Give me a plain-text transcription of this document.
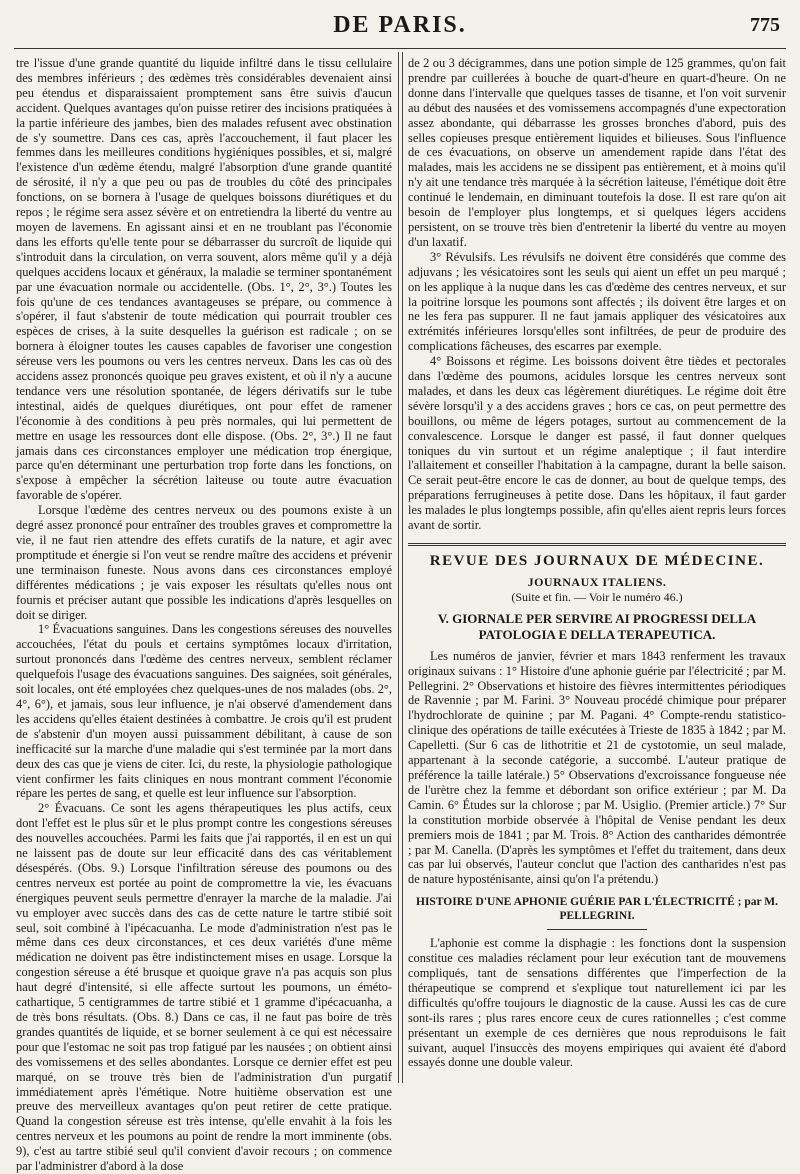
DE PARIS.	775

tre l'issue d'une grande quantité du liquide infiltré dans le tissu cellulaire des membres inférieurs ; des œdèmes très considérables devenaient ainsi peu étendus et disparaissaient promptement sans être suivis d'aucun accident. Quelques avantages qu'on puisse retirer des incisions pratiquées à la partie inférieure des jambes, bien des malades refusent avec obstination de s'y soumettre. Dans ces cas, après l'accouchement, il faut placer les femmes dans les meilleures conditions hygiéniques possibles, et si, malgré l'existence d'un œdème étendu, malgré l'absorption d'une grande quantité de sérosité, il n'y a que peu ou pas de troubles du côté des principales fonctions, on se bornera à l'usage de quelques boissons diurétiques et du repos ; le régime sera assez sévère et on entretiendra la liberté du ventre au moyen de lavemens. En agissant ainsi et en ne troublant pas l'économie dans les efforts qu'elle tente pour se débarrasser du surcroît de liquide qui s'introduit dans la circulation, on verra souvent, alors même qu'il y a déjà quelques accidens locaux et généraux, la maladie se terminer spontanément par une évacuation normale ou accidentelle. (Obs. 1°, 2°, 3°.) Toutes les fois qu'une de ces tendances avantageuses se prépare, ou commence à s'opérer, il faut s'abstenir de toute médication qui pourrait troubler ces espèces de crises, à la suite desquelles la guérison est radicale ; on se bornera à éloigner toutes les causes capables de favoriser une congestion séreuse vers les poumons ou vers les centres nerveux. Dans les cas où des accidens assez prononcés quoique peu graves existent, et où il n'y a aucune tendance vers une résolution spontanée, de légers dérivatifs sur le tube intestinal, aidés de quelques diurétiques, ont pour effet de ramener l'économie à des conditions à peu près normales, qui lui permettent de mettre en usage les ressources dont elle dispose. (Obs. 2°, 3°.) Il ne faut jamais dans ces circonstances employer une médication trop énergique, parce qu'en déterminant une perturbation trop forte dans les fonctions, on s'expose à empêcher la sécrétion laiteuse ou toute autre évacuation favorable de s'opérer.

Lorsque l'œdème des centres nerveux ou des poumons existe à un degré assez prononcé pour entraîner des troubles graves et compromettre la vie, il ne faut rien attendre des effets curatifs de la nature, et agir avec promptitude et énergie si l'on veut se rendre maître des accidens et prévenir une terminaison funeste. Nous avons dans ces circonstances employé différentes médications ; je vais exposer les résultats qu'elles nous ont fournis et préciser autant que possible les indications d'après lesquelles on doit se diriger.

1° Évacuations sanguines. Dans les congestions séreuses des nouvelles accouchées, l'état du pouls et certains symptômes locaux d'irritation, surtout prononcés dans l'œdème des centres nerveux, semblent réclamer quelquefois l'usage des évacuations sanguines. Des saignées, soit générales, soit locales, ont été employées chez quelques-unes de nos malades (obs. 2°, 4°, 6°), et jamais, sous leur influence, je n'ai observé d'amendement dans les accidens qu'elles étaient destinées à combattre. Je crois qu'il est prudent de s'abstenir d'un moyen aussi puissamment débilitant, à cause de son inefficacité sur la marche d'une maladie qui s'est terminée par la mort dans deux des cas que je viens de citer. Ici, du reste, la physiologie pathologique vient confirmer les faits cliniques en nous montrant comment l'économie répare les pertes de sang, et quelle est leur influence sur l'absorption.

2° Évacuans. Ce sont les agens thérapeutiques les plus actifs, ceux dont l'effet est le plus sûr et le plus prompt contre les congestions séreuses des nouvelles accouchées. Parmi les faits que j'ai rapportés, il en est un qui ne laissent pas de doute sur leur efficacité dans des cas véritablement désespérés. (Obs. 9.) Lorsque l'infiltration séreuse des poumons ou des centres nerveux est portée au point de compromettre la vie, les évacuans énergiques peuvent seuls permettre d'enrayer la marche de la maladie. J'ai vu employer avec succès dans des cas de cette nature le tartre stibié soit seul, soit combiné à l'ipécacuanha. Le mode d'administration n'est pas le même dans ces deux circonstances, et ces deux variétés d'une même médication ne doivent pas être indistinctement mises en usage. Lorsque la congestion séreuse a été brusque et quoique grave n'a pas acquis son plus haut degré d'intensité, si elle affecte surtout les poumons, un éméto-cathartique, 5 centigrammes de tartre stibié et 1 gramme d'ipécacuanha, a de très bons résultats. (Obs. 8.) Dans ce cas, il ne faut pas boire de très grandes quantités de liquide, et se borner seulement à ce qui est nécessaire pour que l'estomac ne soit pas trop fatigué par les nausées ; on obtient ainsi des vomissemens et des selles abondantes. Lorsque ce dernier effet est peu marqué, on se trouve très bien de l'administration d'un purgatif immédiatement après l'émétique. Notre huitième observation est une preuve des merveilleux avantages qu'on peut retirer de cette pratique. Quand la congestion séreuse est très intense, qu'elle envahit à la fois les centres nerveux et les poumons au point de rendre la mort imminente (obs. 9), c'est au tartre stibié seul qu'il convient d'avoir recours ; on commence par l'administrer d'abord à la dose

de 2 ou 3 décigrammes, dans une potion simple de 125 grammes, qu'on fait prendre par cuillerées à bouche de quart-d'heure en quart-d'heure. On ne donne dans l'intervalle que quelques tasses de tisanne, et l'on voit survenir au début des nausées et des vomissemens accompagnés d'une expectoration assez abondante, qui débarrasse les grosses bronches d'abord, puis des selles copieuses presque entièrement liquides et bilieuses. Sous l'influence de ces évacuations, on observe un amendement rapide dans l'état des malades, mais les accidens ne se dissipent pas entièrement, et à moins qu'il n'y ait une tendance très marquée à la sécrétion laiteuse, l'émétique doit être continué le lendemain, en diminuant toutefois la dose. Il est rare qu'on ait besoin de l'employer plus longtemps, et si quelques légers accidens persistent, on se trouve très bien d'entretenir la liberté du ventre au moyen d'un laxatif.

3° Révulsifs. Les révulsifs ne doivent être considérés que comme des adjuvans ; les vésicatoires sont les seuls qui aient un effet un peu marqué ; on les applique à la nuque dans les cas d'œdème des centres nerveux, et sur la poitrine lorsque les poumons sont affectés ; ils doivent être larges et on ne les fera pas suppurer. Il ne faut jamais appliquer des vésicatoires aux extrémités inférieures lorsqu'elles sont infiltrées, de peur de produire des complications fâcheuses, des escarres par exemple.

4° Boissons et régime. Les boissons doivent être tièdes et pectorales dans l'œdème des poumons, acidules lorsque les centres nerveux sont malades, et dans les deux cas légèrement diurétiques. Le régime doit être sévère lorsqu'il y a des accidens graves ; hors ce cas, on peut permettre des bouillons, ou même de légers potages, surtout au commencement de la convalescence. Lorsque le danger est passé, il faut donner quelques toniques du vin surtout et un régime analeptique ; il faut interdire l'allaitement et conseiller l'habitation à la campagne, durant la belle saison. Ce serait peut-être encore le cas de donner, au bout de quelque temps, des préparations ferrugineuses à petite dose. Dans les hôpitaux, il faut garder les malades le plus longtemps possible, afin qu'elles aient repris leurs forces avant de sortir.

REVUE DES JOURNAUX DE MÉDECINE.
JOURNAUX ITALIENS.
(Suite et fin. — Voir le numéro 46.)
V. GIORNALE PER SERVIRE AI PROGRESSI DELLA PATOLOGIA E DELLA TERAPEUTICA.

Les numéros de janvier, février et mars 1843 renferment les travaux originaux suivans : 1° Histoire d'une aphonie guérie par l'électricité ; par M. Pellegrini. 2° Observations et histoire des fièvres intermittentes périodiques de Ravennie ; par M. Farini. 3° Nouveau procédé chimique pour préparer l'hydrochlorate de quinine ; par M. Pagani. 4° Compte-rendu statistico-clinique des opérations de taille exécutées à Trieste de 1835 à 1842 ; par M. Capelletti. (Sur 6 cas de lithotritie et 21 de cystotomie, un seul malade, appartenant à la seconde catégorie, a succombé. L'auteur pratique de préférence la taille latérale.) 5° Observations d'excroissance fongueuse née de l'urètre chez la femme et débordant son orifice extérieur ; par M. Da Camin. 6° Études sur la chlorose ; par M. Usiglio. (Premier article.) 7° Sur la constitution morbide observée à l'hôpital de Venise pendant les deux premiers mois de 1841 ; par M. Trois. 8° Action des cantharides démontrée ; par M. Canella. (D'après les symptômes et l'effet du traitement, dans deux cas par lui observés, l'auteur conclut que l'action des cantharides n'est pas de nature hyposténisante, ainsi qu'on l'a prétendu.)

HISTOIRE D'UNE APHONIE GUÉRIE PAR L'ÉLECTRICITÉ ; par M. PELLEGRINI.

L'aphonie est comme la disphagie : les fonctions dont la suspension constitue ces maladies réclament pour leur exécution tant de mouvemens compliqués, tant de sensations différentes que l'imperfection de la thérapeutique se comprend et s'explique tout naturellement ici par les difficultés qu'offre toujours le diagnostic de la cause. Aussi les cas de cure sont-ils rares ; plus rares encore ceux de cures rationnelles ; c'est comme présentant un exemple de ces dernières que nous reproduisons le fait suivant, auquel l'insuccès des moyens empiriques qui avaient été d'abord essayés donne une double valeur.
